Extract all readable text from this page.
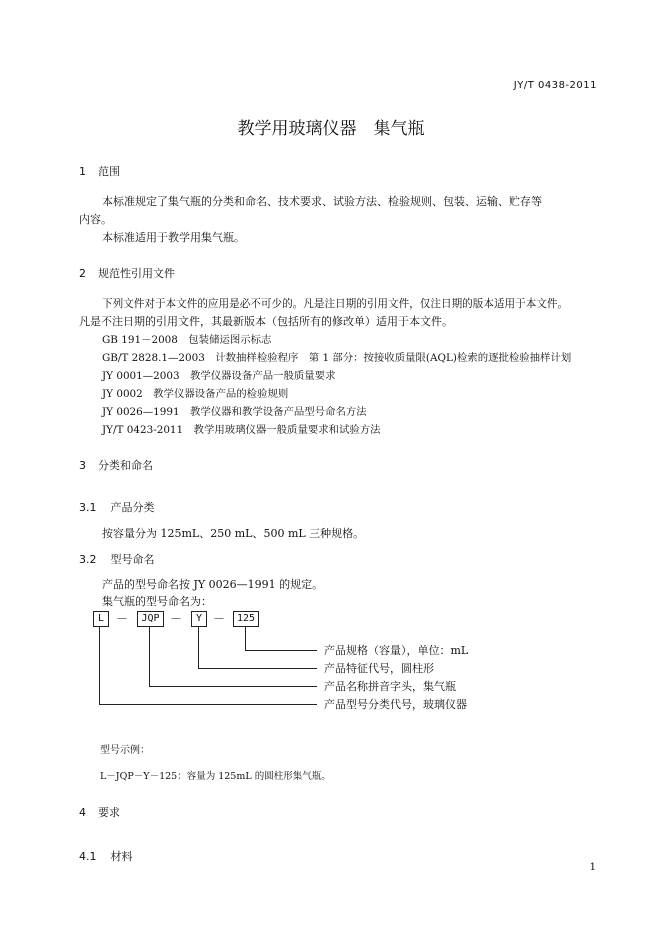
JY/T 0438-2011
教学用玻璃仪器　集气瓶
1 范围
本标准规定了集气瓶的分类和命名、技术要求、试验方法、检验规则、包装、运输、贮存等
内容。
本标准适用于教学用集气瓶。
2 规范性引用文件
下列文件对于本文件的应用是必不可少的。凡是注日期的引用文件，仅注日期的版本适用于本文件。
凡是不注日期的引用文件，其最新版本（包括所有的修改单）适用于本文件。
GB 191－2008　包装储运图示标志
GB/T 2828.1—2003　计数抽样检验程序　第 1 部分：按接收质量限(AQL)检索的逐批检验抽样计划
JY 0001—2003　教学仪器设备产品一般质量要求
JY 0002　教学仪器设备产品的检验规则
JY 0026—1991　教学仪器和教学设备产品型号命名方法
JY/T 0423-2011　教学用玻璃仪器一般质量要求和试验方法
3 分类和命名
3.1 产品分类
按容量分为 125mL、250 mL、500 mL 三种规格。
3.2 型号命名
产品的型号命名按 JY 0026—1991 的规定。
集气瓶的型号命名为：
L －	JQP －	Y －	125
产品规格（容量），单位：mL
产品特征代号，圆柱形
产品名称拼音字头，集气瓶
产品型号分类代号，玻璃仪器
型号示例：
L－JQP－Y－125：容量为 125mL 的圆柱形集气瓶。
4 要求
4.1 材料
1
